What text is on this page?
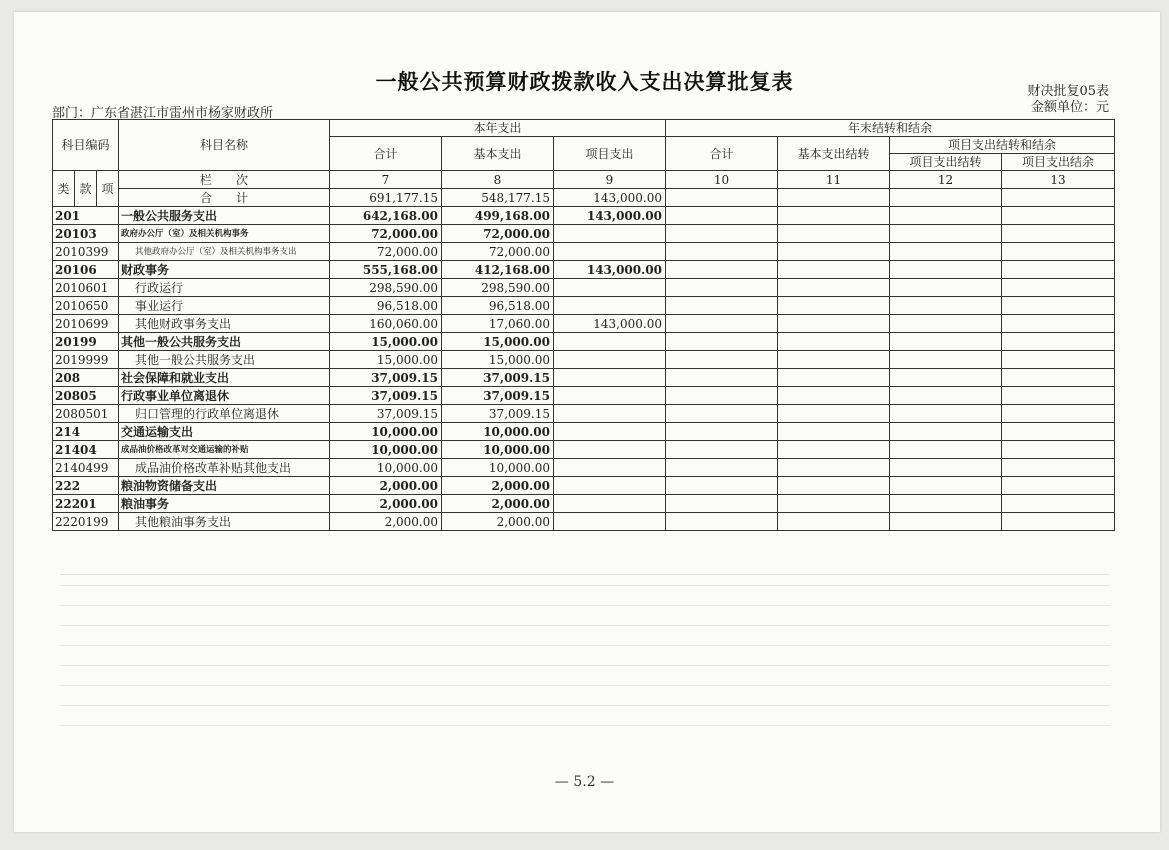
一般公共预算财政拨款收入支出决算批复表	财决批复05表
金额单位：元
部门：广东省湛江市雷州市杨家财政所
科目编码			科目名称	本年支出			年末结转和结余			
				合计	基本支出	项目支出	合计	基本支出结转	项目支出结转和结余	
									项目支出结转	项目支出结余

类	款	项	栏　　次	7	8	9	10	11	12	13
			合　　计	691,177.15	548,177.15	143,000.00				
201			一般公共服务支出	642,168.00	499,168.00	143,000.00				
20103			政府办公厅（室）及相关机构事务	72,000.00	72,000.00					
2010399			其他政府办公厅（室）及相关机构事务支出	72,000.00	72,000.00					
20106			财政事务	555,168.00	412,168.00	143,000.00				
2010601			行政运行	298,590.00	298,590.00					
2010650			事业运行	96,518.00	96,518.00					
2010699			其他财政事务支出	160,060.00	17,060.00	143,000.00				
20199			其他一般公共服务支出	15,000.00	15,000.00					
2019999			其他一般公共服务支出	15,000.00	15,000.00					
208			社会保障和就业支出	37,009.15	37,009.15					
20805			行政事业单位离退休	37,009.15	37,009.15					
2080501			归口管理的行政单位离退休	37,009.15	37,009.15					
214			交通运输支出	10,000.00	10,000.00					
21404			成品油价格改革对交通运输的补贴	10,000.00	10,000.00					
2140499			成品油价格改革补贴其他支出	10,000.00	10,000.00					
222			粮油物资储备支出	2,000.00	2,000.00					
22201			粮油事务	2,000.00	2,000.00					
2220199			其他粮油事务支出	2,000.00	2,000.00					
— 5.2 —
